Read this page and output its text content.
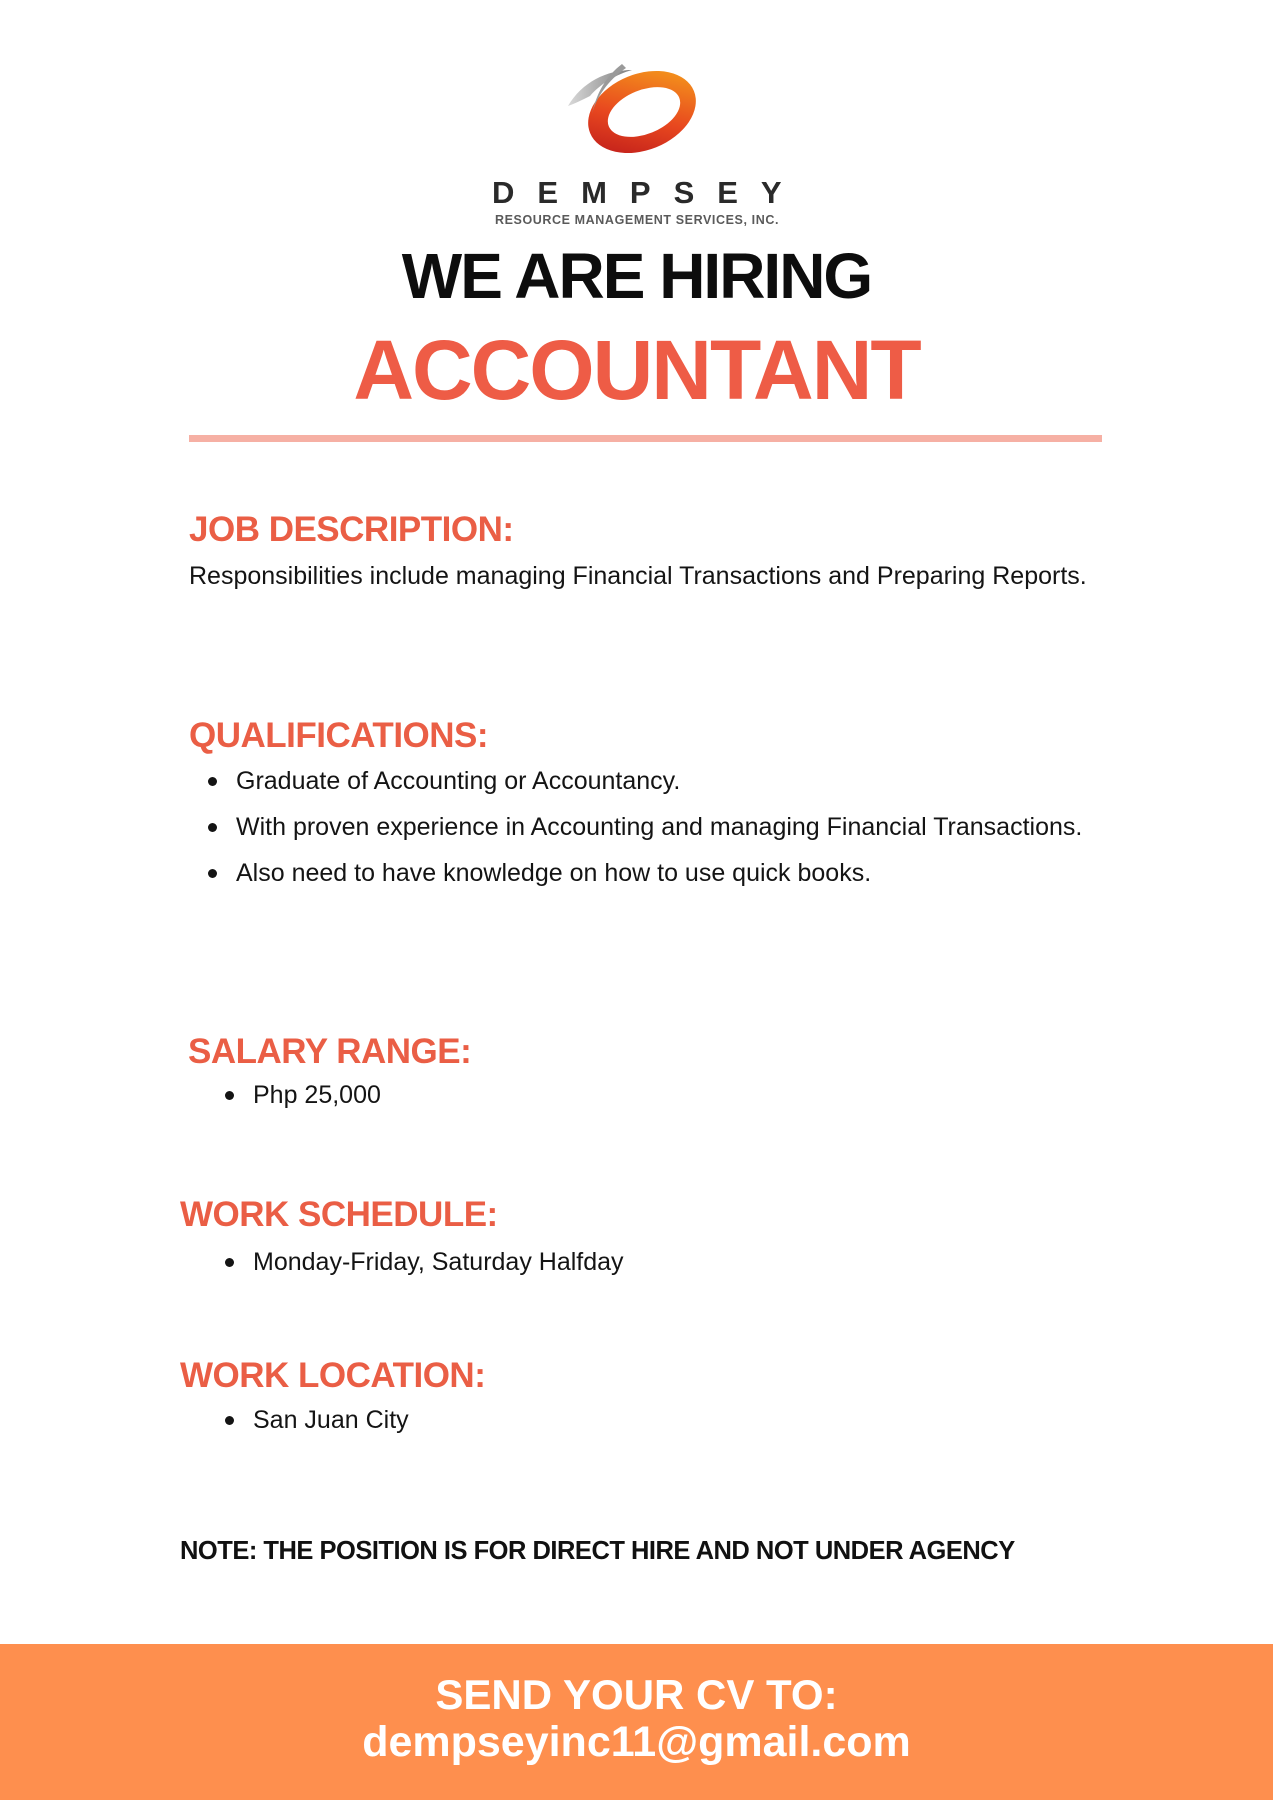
DEMPSEY
RESOURCE MANAGEMENT SERVICES, INC.
WE ARE HIRING
ACCOUNTANT
JOB DESCRIPTION:
Responsibilities include managing Financial Transactions and Preparing Reports.
QUALIFICATIONS:
Graduate of Accounting or Accountancy.
With proven experience in Accounting and managing Financial Transactions.
Also need to have knowledge on how to use quick books.
SALARY RANGE:
Php 25,000
WORK SCHEDULE:
Monday-Friday, Saturday Halfday
WORK LOCATION:
San Juan City
NOTE: THE POSITION IS FOR DIRECT HIRE AND NOT UNDER AGENCY
SEND YOUR CV TO:
dempseyinc11@gmail.com
